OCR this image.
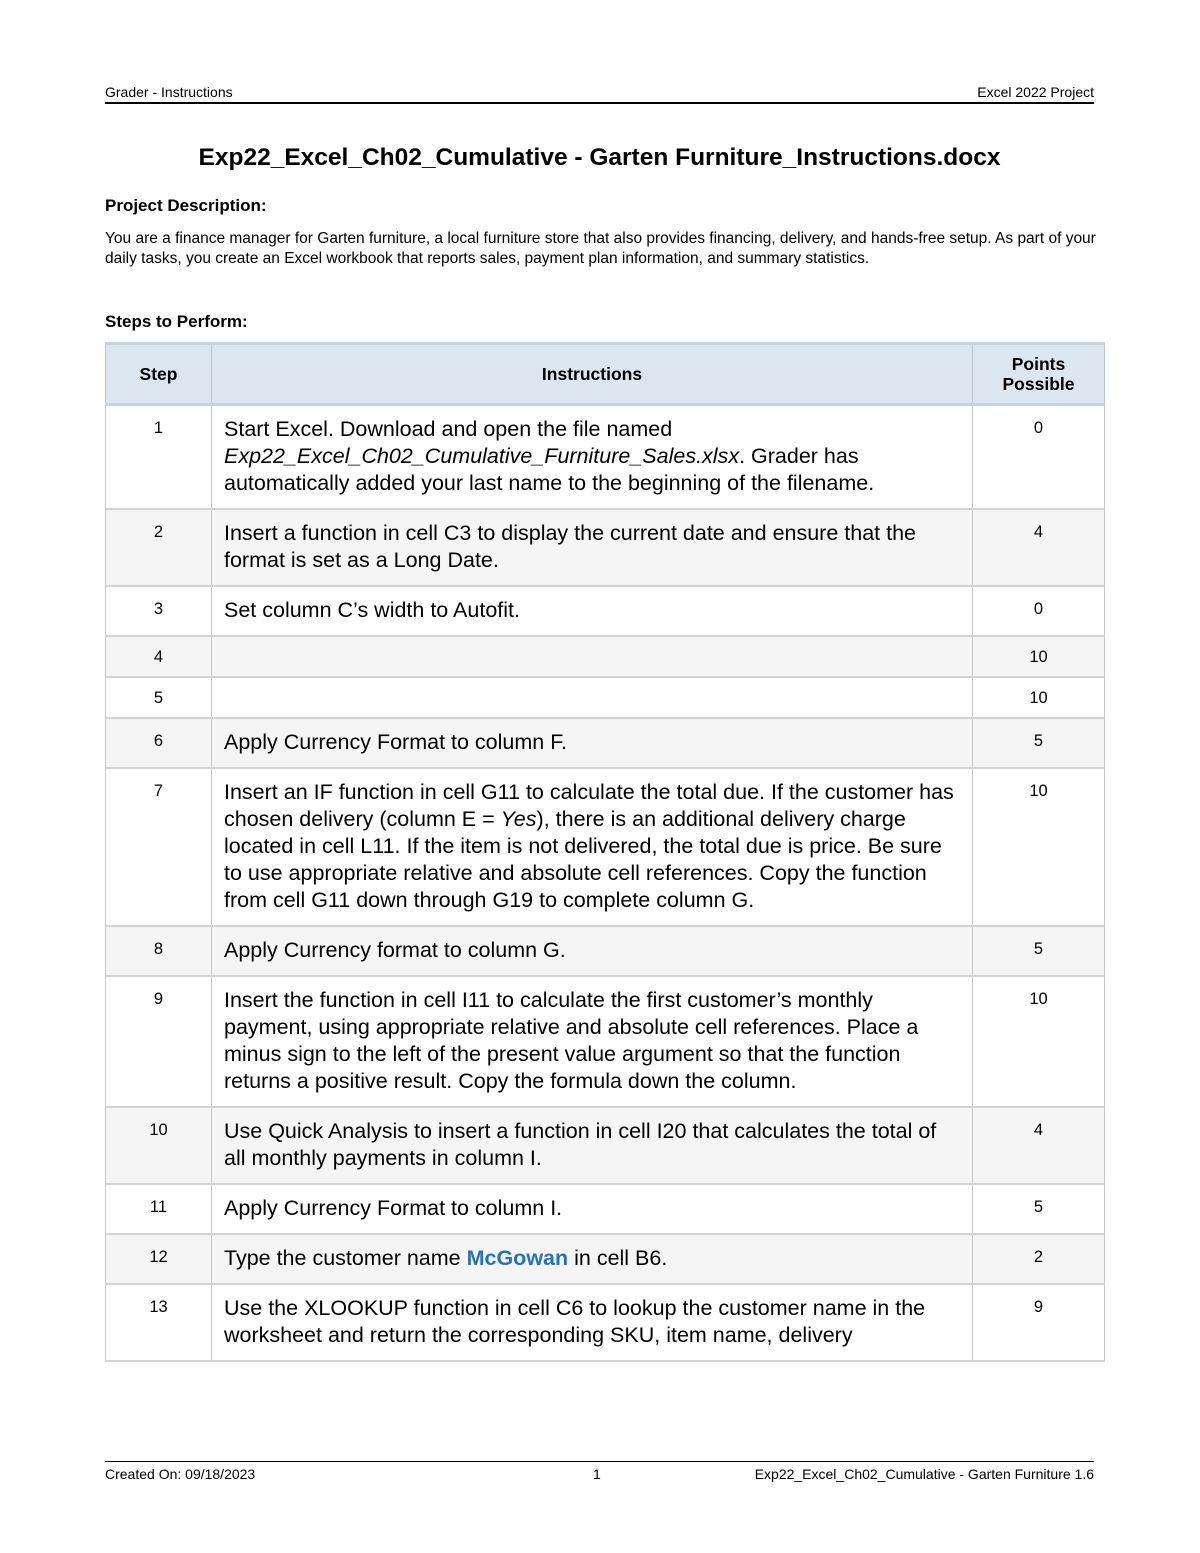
Grader - Instructions	Excel 2022 Project
Exp22_Excel_Ch02_Cumulative - Garten Furniture_Instructions.docx
Project Description:
You are a finance manager for Garten furniture, a local furniture store that also provides financing, delivery, and hands-free setup. As part of your daily tasks, you create an Excel workbook that reports sales, payment plan information, and summary statistics.
Steps to Perform:
Step	Instructions	Points Possible
1	Start Excel. Download and open the file named Exp22_Excel_Ch02_Cumulative_Furniture_Sales.xlsx. Grader has automatically added your last name to the beginning of the filename.	0
2	Insert a function in cell C3 to display the current date and ensure that the format is set as a Long Date.	4
3	Set column C’s width to Autofit.	0
4		10
5		10
6	Apply Currency Format to column F.	5
7	Insert an IF function in cell G11 to calculate the total due. If the customer has chosen delivery (column E = Yes), there is an additional delivery charge located in cell L11. If the item is not delivered, the total due is price. Be sure to use appropriate relative and absolute cell references. Copy the function from cell G11 down through G19 to complete column G.	10
8	Apply Currency format to column G.	5
9	Insert the function in cell I11 to calculate the first customer’s monthly payment, using appropriate relative and absolute cell references. Place a minus sign to the left of the present value argument so that the function returns a positive result. Copy the formula down the column.	10
10	Use Quick Analysis to insert a function in cell I20 that calculates the total of all monthly payments in column I.	4
11	Apply Currency Format to column I.	5
12	Type the customer name McGowan in cell B6.	2
13	Use the XLOOKUP function in cell C6 to lookup the customer name in the worksheet and return the corresponding SKU, item name, delivery	9
Created On: 09/18/2023	1	Exp22_Excel_Ch02_Cumulative - Garten Furniture 1.6
